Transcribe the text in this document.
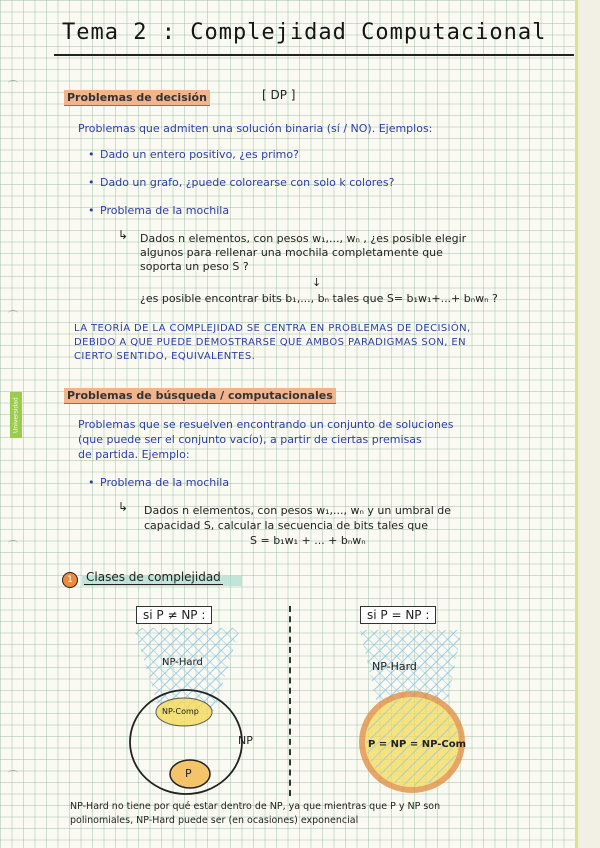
Universidad
Tema 2 : Complejidad Computacional
Problemas de decisión	[ DP ]
Problemas que admiten una solución binaria (sí / NO). Ejemplos:
• Dado un entero positivo, ¿es primo?
• Dado un grafo, ¿puede colorearse con solo k colores?
• Problema de la mochila
↳ Dados n elementos, con pesos w₁,..., wₙ , ¿es posible elegir
algunos para rellenar una mochila completamente que
soporta un peso S ?
↓
¿es posible encontrar bits b₁,..., bₙ tales que S= b₁w₁+...+ bₙwₙ ?
LA TEORÍA DE LA COMPLEJIDAD SE CENTRA EN PROBLEMAS DE DECISIÓN,
DEBIDO A QUE PUEDE DEMOSTRARSE QUE AMBOS PARADIGMAS SON, EN
CIERTO SENTIDO, EQUIVALENTES.
Problemas de búsqueda / computacionales
Problemas que se resuelven encontrando un conjunto de soluciones
(que puede ser el conjunto vacío), a partir de ciertas premisas
de partida. Ejemplo:
• Problema de la mochila
↳ Dados n elementos, con pesos w₁,..., wₙ y un umbral de
capacidad S, calcular la secuencia de bits tales que
S = b₁w₁ + ... + bₙwₙ
1	Clases de complejidad
si P ≠ NP :	si P = NP :
NP-Hard
NP-Comp
NP
P
NP-Hard
P = NP = NP-Com
NP-Hard no tiene por qué estar dentro de NP, ya que mientras que P y NP son
polinomiales, NP-Hard puede ser (en ocasiones) exponencial
